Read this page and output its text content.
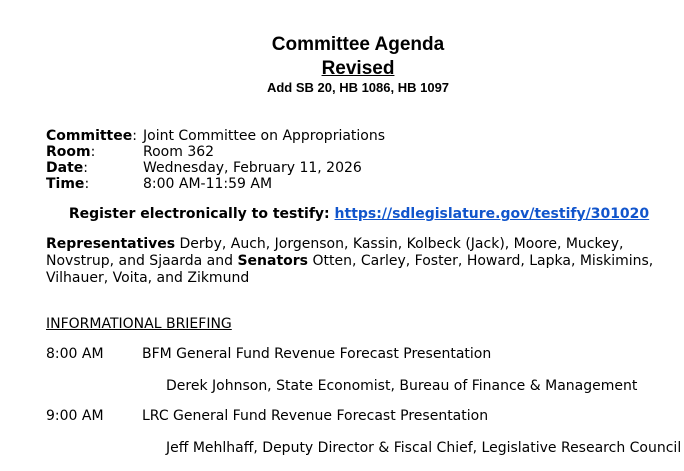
Committee Agenda
Revised
Add SB 20, HB 1086, HB 1097
Committee: Joint Committee on Appropriations
Room:	Room 362
Date:	Wednesday, February 11, 2026
Time:	8:00 AM-11:59 AM
Register electronically to testify: https://sdlegislature.gov/testify/301020
Representatives Derby, Auch, Jorgenson, Kassin, Kolbeck (Jack), Moore, Muckey, Novstrup, and Sjaarda and Senators Otten, Carley, Foster, Howard, Lapka, Miskimins, Vilhauer, Voita, and Zikmund
INFORMATIONAL BRIEFING
8:00 AM	BFM General Fund Revenue Forecast Presentation
Derek Johnson, State Economist, Bureau of Finance & Management
9:00 AM	LRC General Fund Revenue Forecast Presentation
Jeff Mehlhaff, Deputy Director & Fiscal Chief, Legislative Research Council
